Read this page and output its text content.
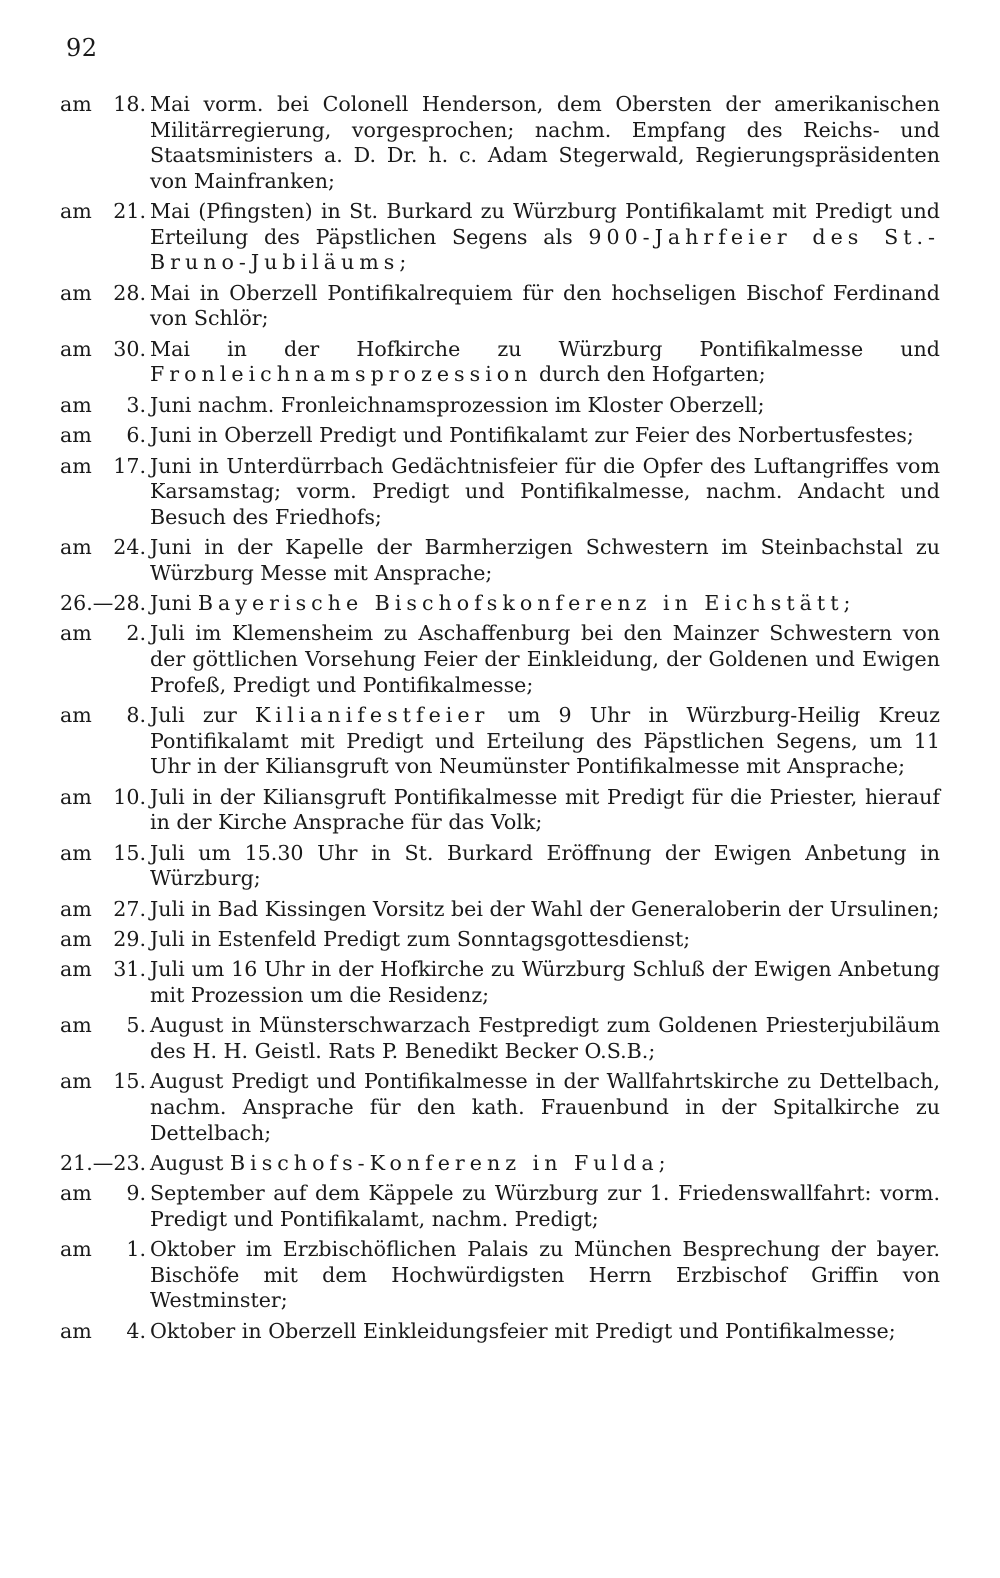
92
am 18. Mai vorm. bei Colonell Henderson, dem Obersten der amerikanischen Militärregierung, vorgesprochen; nachm. Empfang des Reichs- und Staatsministers a. D. Dr. h. c. Adam Stegerwald, Regierungspräsidenten von Mainfranken;
am 21. Mai (Pfingsten) in St. Burkard zu Würzburg Pontifikalamt mit Predigt und Erteilung des Päpstlichen Segens als 900-Jahrfeier des St.-Bruno-Jubiläums;
am 28. Mai in Oberzell Pontifikalrequiem für den hochseligen Bischof Ferdinand von Schlör;
am 30. Mai in der Hofkirche zu Würzburg Pontifikalmesse und Fronleichnamsprozession durch den Hofgarten;
am 3. Juni nachm. Fronleichnamsprozession im Kloster Oberzell;
am 6. Juni in Oberzell Predigt und Pontifikalamt zur Feier des Norbertusfestes;
am 17. Juni in Unterdürrbach Gedächtnisfeier für die Opfer des Luftangriffes vom Karsamstag; vorm. Predigt und Pontifikalmesse, nachm. Andacht und Besuch des Friedhofs;
am 24. Juni in der Kapelle der Barmherzigen Schwestern im Steinbachstal zu Würzburg Messe mit Ansprache;
26.—28. Juni Bayerische Bischofskonferenz in Eichstätt;
am 2. Juli im Klemensheim zu Aschaffenburg bei den Mainzer Schwestern von der göttlichen Vorsehung Feier der Einkleidung, der Goldenen und Ewigen Profeß, Predigt und Pontifikalmesse;
am 8. Juli zur Kilianifestfeier um 9 Uhr in Würzburg-Heilig Kreuz Pontifikalamt mit Predigt und Erteilung des Päpstlichen Segens, um 11 Uhr in der Kiliansgruft von Neumünster Pontifikalmesse mit Ansprache;
am 10. Juli in der Kiliansgruft Pontifikalmesse mit Predigt für die Priester, hierauf in der Kirche Ansprache für das Volk;
am 15. Juli um 15.30 Uhr in St. Burkard Eröffnung der Ewigen Anbetung in Würzburg;
am 27. Juli in Bad Kissingen Vorsitz bei der Wahl der Generaloberin der Ursulinen;
am 29. Juli in Estenfeld Predigt zum Sonntagsgottesdienst;
am 31. Juli um 16 Uhr in der Hofkirche zu Würzburg Schluß der Ewigen Anbetung mit Prozession um die Residenz;
am 5. August in Münsterschwarzach Festpredigt zum Goldenen Priesterjubiläum des H. H. Geistl. Rats P. Benedikt Becker O.S.B.;
am 15. August Predigt und Pontifikalmesse in der Wallfahrtskirche zu Dettelbach, nachm. Ansprache für den kath. Frauenbund in der Spitalkirche zu Dettelbach;
21.—23. August Bischofs-Konferenz in Fulda;
am 9. September auf dem Käppele zu Würzburg zur 1. Friedenswallfahrt: vorm. Predigt und Pontifikalamt, nachm. Predigt;
am 1. Oktober im Erzbischöflichen Palais zu München Besprechung der bayer. Bischöfe mit dem Hochwürdigsten Herrn Erzbischof Griffin von Westminster;
am 4. Oktober in Oberzell Einkleidungsfeier mit Predigt und Pontifikalmesse;
